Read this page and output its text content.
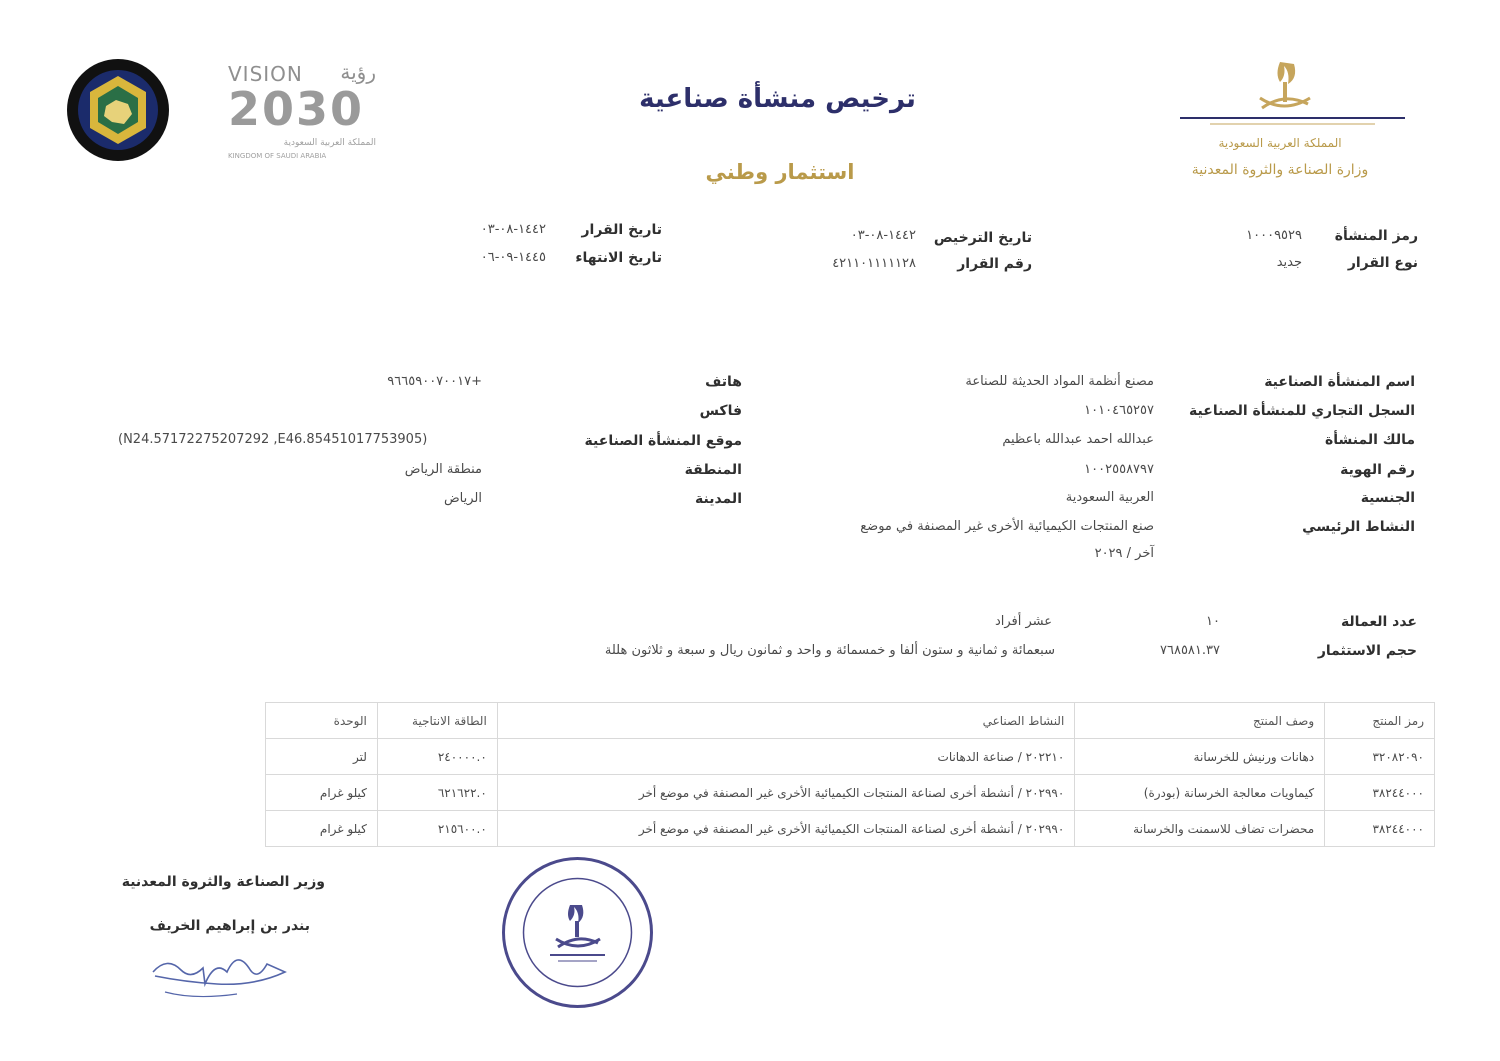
VISION	رؤية
2030
المملكة العربية السعودية
KINGDOM OF SAUDI ARABIA
ترخيص منشأة صناعية
استثمار وطني
المملكة العربية السعودية
وزارة الصناعة والثروة المعدنية
رمز المنشأة
١٠٠٠٩٥٢٩
نوع القرار
جديد
تاريخ الترخيص
١٤٤٢-٠٨-٠٣
رقم القرار
٤٢١١٠١١١١١٢٨
تاريخ القرار
١٤٤٢-٠٨-٠٣
تاريخ الانتهاء
١٤٤٥-٠٩-٠٦
اسم المنشأة الصناعية
مصنع أنظمة المواد الحديثة للصناعة
السجل التجاري للمنشأة الصناعية
١٠١٠٤٦٥٢٥٧
مالك المنشأة
عبدالله احمد عبدالله باعظيم
رقم الهوية
١٠٠٢٥٥٨٧٩٧
الجنسية
العربية السعودية
النشاط الرئيسي
صنع المنتجات الكيميائية الأخرى غير المصنفة في موضع
آخر / ٢٠٢٩
هاتف
+٩٦٦٥٩٠٠٧٠٠١٧
فاكس
موقع المنشأة الصناعية
(N24.57172275207292 ,E46.85451017753905)
المنطقة
منطقة الرياض
المدينة
الرياض
عدد العمالة
١٠
عشر أفراد
حجم الاستثمار
٧٦٨٥٨١.٣٧
سبعمائة و ثمانية و ستون ألفا و خمسمائة و واحد و ثمانون ريال و سبعة و ثلاثون هللة
رمز المنتج	وصف المنتج	النشاط الصناعي	الطاقة الانتاجية	الوحدة
٣٢٠٨٢٠٩٠	دهانات ورنيش للخرسانة	٢٠٢٢١٠ / صناعة الدهانات	٢٤٠٠٠٠.٠	لتر
٣٨٢٤٤٠٠٠	كيماويات معالجة الخرسانة (بودرة)	٢٠٢٩٩٠ / أنشطة أخرى لصناعة المنتجات الكيميائية الأخرى غير المصنفة في موضع أخر	٦٢١٦٢٢.٠	كيلو غرام
٣٨٢٤٤٠٠٠	محضرات تضاف للاسمنت والخرسانة	٢٠٢٩٩٠ / أنشطة أخرى لصناعة المنتجات الكيميائية الأخرى غير المصنفة في موضع أخر	٢١٥٦٠٠.٠	كيلو غرام
وزير الصناعة والثروة المعدنية
بندر بن إبراهيم الخريف
